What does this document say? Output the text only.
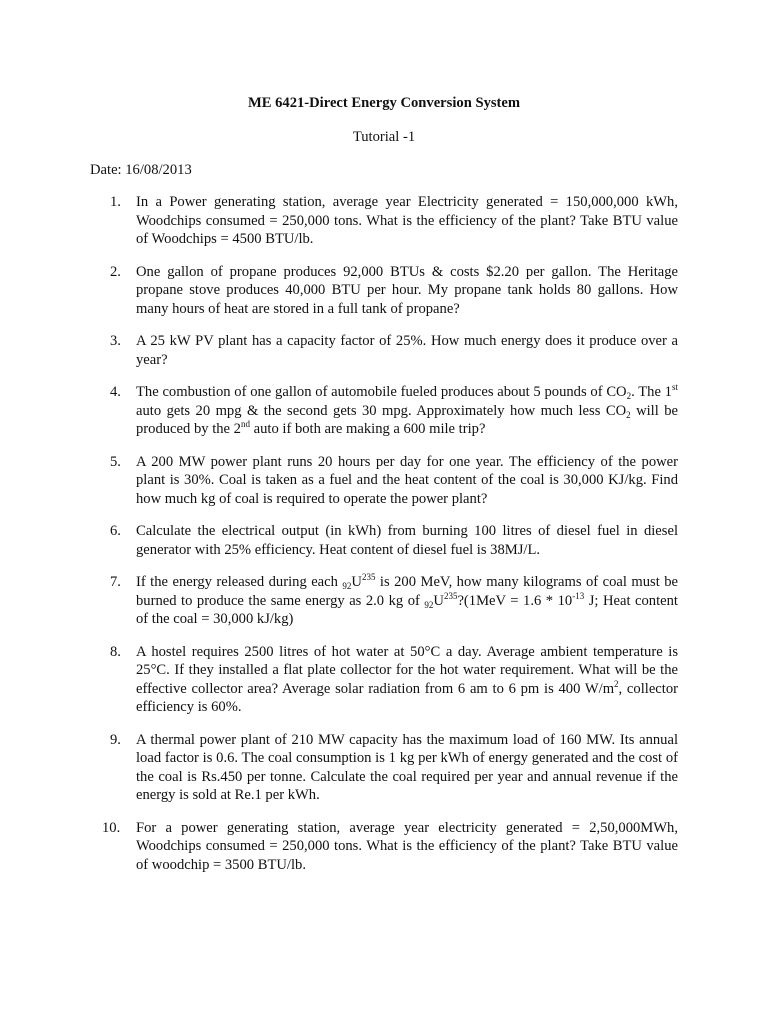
ME 6421-Direct Energy Conversion System
Tutorial -1
Date: 16/08/2013
1.	In a Power generating station, average year Electricity generated = 150,000,000 kWh, Woodchips consumed = 250,000 tons. What is the efficiency of the plant? Take BTU value of Woodchips = 4500 BTU/lb.
2.	One gallon of propane produces 92,000 BTUs & costs $2.20 per gallon. The Heritage propane stove produces 40,000 BTU per hour. My propane tank holds 80 gallons. How many hours of heat are stored in a full tank of propane?
3.	A 25 kW PV plant has a capacity factor of 25%. How much energy does it produce over a year?
4.	The combustion of one gallon of automobile fueled produces about 5 pounds of $CO_2$. The 1st auto gets 20 mpg & the second gets 30 mpg. Approximately how much less $CO_2$ will be produced by the 2nd auto if both are making a 600 mile trip?
5.	A 200 MW power plant runs 20 hours per day for one year. The efficiency of the power plant is 30%. Coal is taken as a fuel and the heat content of the coal is 30,000 KJ/kg. Find how much kg of coal is required to operate the power plant?
6.	Calculate the electrical output (in kWh) from burning 100 litres of diesel fuel in diesel generator with 25% efficiency. Heat content of diesel fuel is 38MJ/L.
7.	If the energy released during each $_{92}U^{235}$ is 200 MeV, how many kilograms of coal must be burned to produce the same energy as 2.0 kg of $_{92}U^{235}?(1MeV = 1.6 * 10^{-13}$ J; Heat content of the coal = 30,000 kJ/kg)
8.	A hostel requires 2500 litres of hot water at 50°C a day. Average ambient temperature is 25°C. If they installed a flat plate collector for the hot water requirement. What will be the effective collector area? Average solar radiation from 6 am to 6 pm is 400 $W/m^2$, collector efficiency is 60%.
9.	A thermal power plant of 210 MW capacity has the maximum load of 160 MW. Its annual load factor is 0.6. The coal consumption is 1 kg per kWh of energy generated and the cost of the coal is Rs.450 per tonne. Calculate the coal required per year and annual revenue if the energy is sold at Re.1 per kWh.
10.	For a power generating station, average year electricity generated = 2,50,000MWh, Woodchips consumed = 250,000 tons. What is the efficiency of the plant? Take BTU value of woodchip = 3500 BTU/lb.
